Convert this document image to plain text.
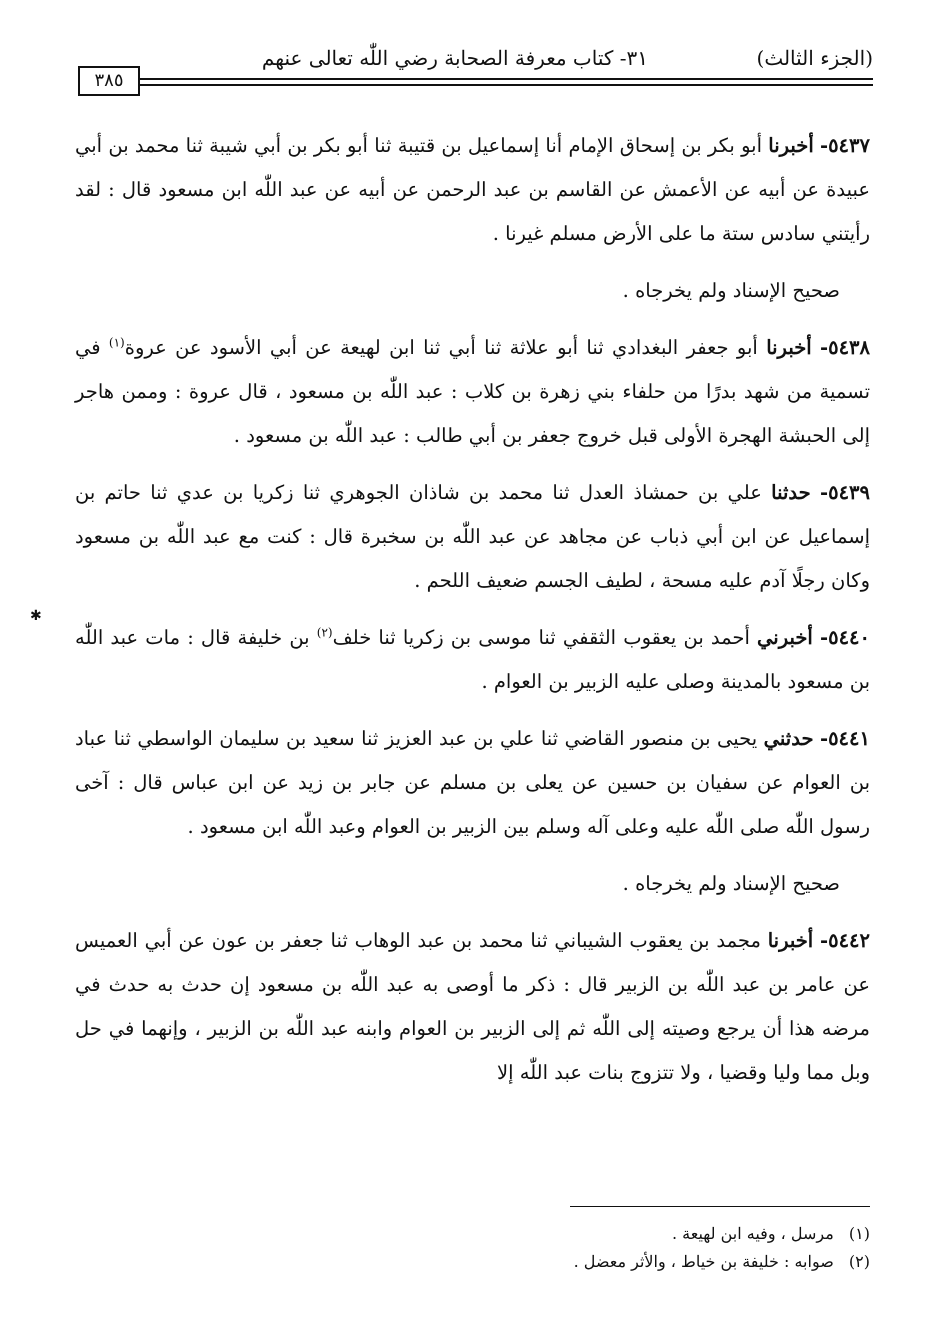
(الجزء الثالث)
٣١- كتاب معرفة الصحابة رضي اللّٰه تعالى عنهم
٣٨٥

٥٤٣٧- أخبرنا أبو بكر بن إسحاق الإمام أنا إسماعيل بن قتيبة ثنا أبو بكر بن أبي شيبة ثنا محمد بن أبي عبيدة عن أبيه عن الأعمش عن القاسم بن عبد الرحمن عن أبيه عن عبد اللّٰه ابن مسعود قال : لقد رأيتني سادس ستة ما على الأرض مسلم غيرنا .

صحيح الإسناد ولم يخرجاه .

٥٤٣٨- أخبرنا أبو جعفر البغدادي ثنا أبو علاثة ثنا أبي ثنا ابن لهيعة عن أبي الأسود عن عروة$^{(١)}$ في تسمية من شهد بدرًا من حلفاء بني زهرة بن كلاب : عبد اللّٰه بن مسعود ، قال عروة : وممن هاجر إلى الحبشة الهجرة الأولى قبل خروج جعفر بن أبي طالب : عبد اللّٰه بن مسعود .

٥٤٣٩- حدثنا علي بن حمشاذ العدل ثنا محمد بن شاذان الجوهري ثنا زكريا بن عدي ثنا حاتم بن إسماعيل عن ابن أبي ذباب عن مجاهد عن عبد اللّٰه بن سخبرة قال : كنت مع عبد اللّٰه بن مسعود وكان رجلًا آدم عليه مسحة ، لطيف الجسم ضعيف اللحم .

٥٤٤٠- أخبرني أحمد بن يعقوب الثقفي ثنا موسى بن زكريا ثنا خلف$^{(٢)}$ بن خليفة قال : مات عبد اللّٰه بن مسعود بالمدينة وصلى عليه الزبير بن العوام .

٥٤٤١- حدثني يحيى بن منصور القاضي ثنا علي بن عبد العزيز ثنا سعيد بن سليمان الواسطي ثنا عباد بن العوام عن سفيان بن حسين عن يعلى بن مسلم عن جابر بن زيد عن ابن عباس قال : آخى رسول اللّٰه صلى اللّٰه عليه وعلى آله وسلم بين الزبير بن العوام وعبد اللّٰه ابن مسعود .

صحيح الإسناد ولم يخرجاه .

٥٤٤٢- أخبرنا مجمد بن يعقوب الشيباني ثنا محمد بن عبد الوهاب ثنا جعفر بن عون عن أبي العميس عن عامر بن عبد اللّٰه بن الزبير قال : ذكر ما أوصى به عبد اللّٰه بن مسعود إن حدث به حدث في مرضه هذا أن يرجع وصيته إلى اللّٰه ثم إلى الزبير بن العوام وابنه عبد اللّٰه بن الزبير ، وإنهما في حل وبل مما وليا وقضيا ، ولا تتزوج بنات عبد اللّٰه إلا

✱

(١) مرسل ، وفيه ابن لهيعة .

(٢) صوابه : خليفة بن خياط ، والأثر معضل .
